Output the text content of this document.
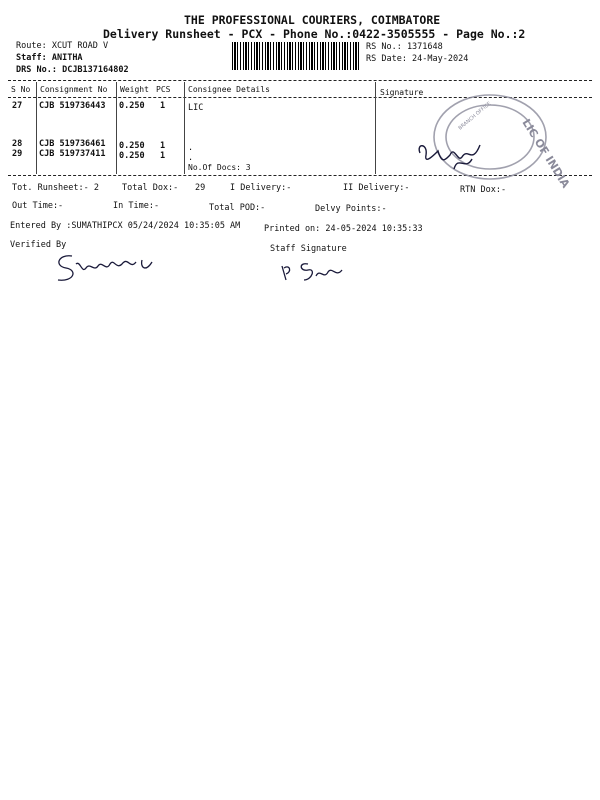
THE PROFESSIONAL COURIERS, COIMBATORE
Delivery Runsheet - PCX - Phone No.:0422-3505555 - Page No.:2
Route: XCUT ROAD V
Staff: ANITHA
DRS No.: DCJB137164802
RS No.: 1371648
RS Date: 24-May-2024
S No Consignment No Weight PCS Consignee Details	Signature
27 CJB 519736443 0.250 1	LIC
28 CJB 519736461 0.250 1	.
29 CJB 519737411 0.250 1	.
No.Of Docs: 3	LIC OF INDIA
BRANCH OFFICE
Tot. Runsheet:- 2	Total Dox:- 29	I Delivery:-	II Delivery:-	RTN Dox:-
Out Time:-	In Time:-	Total POD:-	Delvy Points:-
Entered By :SUMATHIPCX 05/24/2024 10:35:05 AM	Printed on: 24-05-2024 10:35:33
Verified By	Staff Signature
